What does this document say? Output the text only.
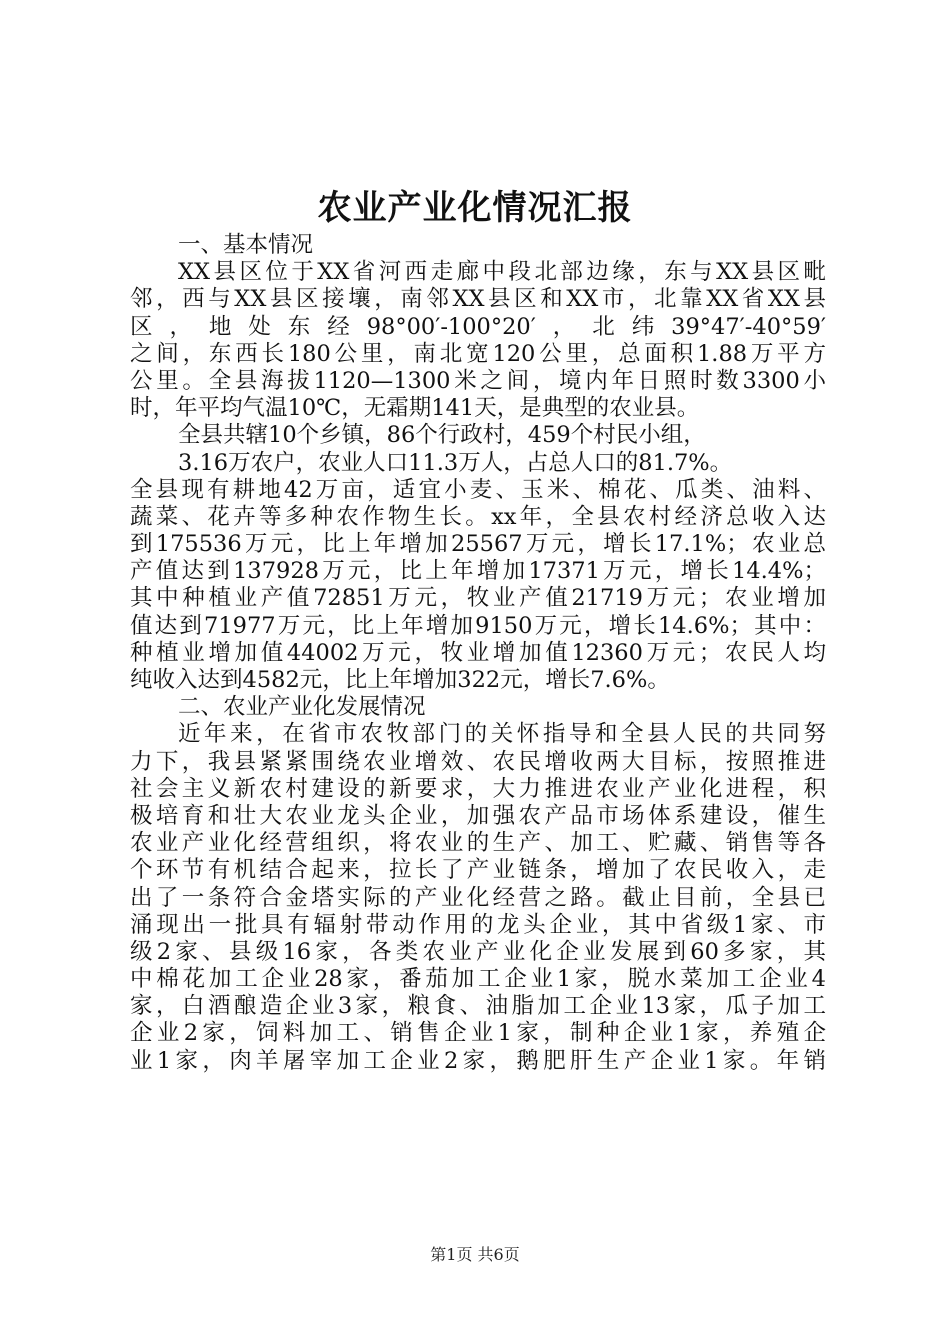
农业产业化情况汇报
一、基本情况
XX县区位于XX省河西走廊中段北部边缘，东与XX县区毗
邻，西与XX县区接壤，南邻XX县区和XX市，北靠XX省XX县
区，地处东经98°00′-100°20′，北纬39°47′-40°59′
之间，东西长180公里，南北宽120公里，总面积1.88万平方
公里。全县海拔1120—1300米之间，境内年日照时数3300小
时，年平均气温10℃，无霜期141天，是典型的农业县。
全县共辖10个乡镇，86个行政村，459个村民小组，
3.16万农户，农业人口11.3万人，占总人口的81.7%。
全县现有耕地42万亩，适宜小麦、玉米、棉花、瓜类、油料、
蔬菜、花卉等多种农作物生长。xx年，全县农村经济总收入达
到175536万元，比上年增加25567万元，增长17.1%；农业总
产值达到137928万元，比上年增加17371万元，增长14.4%；
其中种植业产值72851万元，牧业产值21719万元；农业增加
值达到71977万元，比上年增加9150万元，增长14.6%；其中：
种植业增加值44002万元，牧业增加值12360万元；农民人均
纯收入达到4582元，比上年增加322元，增长7.6%。
二、农业产业化发展情况
近年来，在省市农牧部门的关怀指导和全县人民的共同努
力下，我县紧紧围绕农业增效、农民增收两大目标，按照推进
社会主义新农村建设的新要求，大力推进农业产业化进程，积
极培育和壮大农业龙头企业，加强农产品市场体系建设，催生
农业产业化经营组织，将农业的生产、加工、贮藏、销售等各
个环节有机结合起来，拉长了产业链条，增加了农民收入，走
出了一条符合金塔实际的产业化经营之路。截止目前，全县已
涌现出一批具有辐射带动作用的龙头企业，其中省级1家、市
级2家、县级16家，各类农业产业化企业发展到60多家，其
中棉花加工企业28家，番茄加工企业1家，脱水菜加工企业4
家，白酒酿造企业3家，粮食、油脂加工企业13家，瓜子加工
企业2家，饲料加工、销售企业1家，制种企业1家，养殖企
业1家，肉羊屠宰加工企业2家，鹅肥肝生产企业1家。年销
第1页 共6页
